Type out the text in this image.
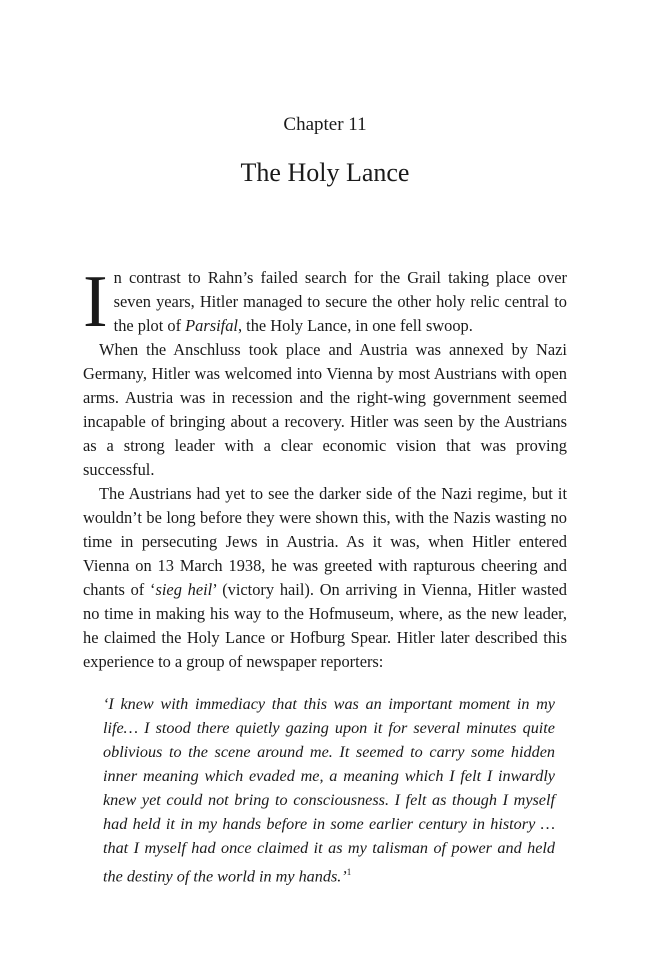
Chapter 11
The Holy Lance

In contrast to Rahn’s failed search for the Grail taking place over seven years, Hitler managed to secure the other holy relic central to the plot of Parsifal, the Holy Lance, in one fell swoop.

When the Anschluss took place and Austria was annexed by Nazi Germany, Hitler was welcomed into Vienna by most Austrians with open arms. Austria was in recession and the right-wing government seemed incapable of bringing about a recovery. Hitler was seen by the Austrians as a strong leader with a clear economic vision that was proving successful.

The Austrians had yet to see the darker side of the Nazi regime, but it wouldn’t be long before they were shown this, with the Nazis wasting no time in persecuting Jews in Austria. As it was, when Hitler entered Vienna on 13 March 1938, he was greeted with rapturous cheering and chants of ‘sieg heil’ (victory hail). On arriving in Vienna, Hitler wasted no time in making his way to the Hofmuseum, where, as the new leader, he claimed the Holy Lance or Hofburg Spear. Hitler later described this experience to a group of newspaper reporters:

‘I knew with immediacy that this was an important moment in my life… I stood there quietly gazing upon it for several minutes quite oblivious to the scene around me. It seemed to carry some hidden inner meaning which evaded me, a meaning which I felt I inwardly knew yet could not bring to consciousness. I felt as though I myself had held it in my hands before in some earlier century in history … that I myself had once claimed it as my talisman of power and held the destiny of the world in my hands.’$^1$
